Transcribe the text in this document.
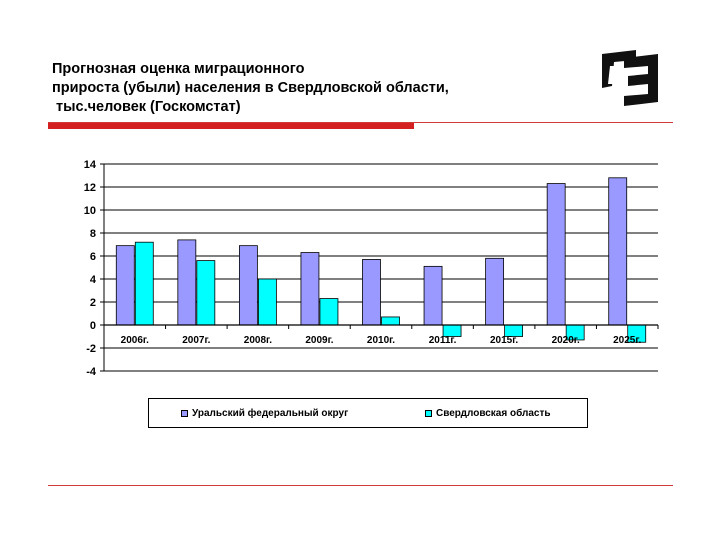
Прогнозная оценка миграционного
прироста (убыли) населения в Свердловской области,
тыс.человек (Госкомстат)
14
12
10
8
6
4
2
0
-2
-4
2006г.	2007г.	2008г.	2009г.	2010г.	2011г.	2015г.	2020г.	2025г.
Уральский федеральный округ	Свердловская область
